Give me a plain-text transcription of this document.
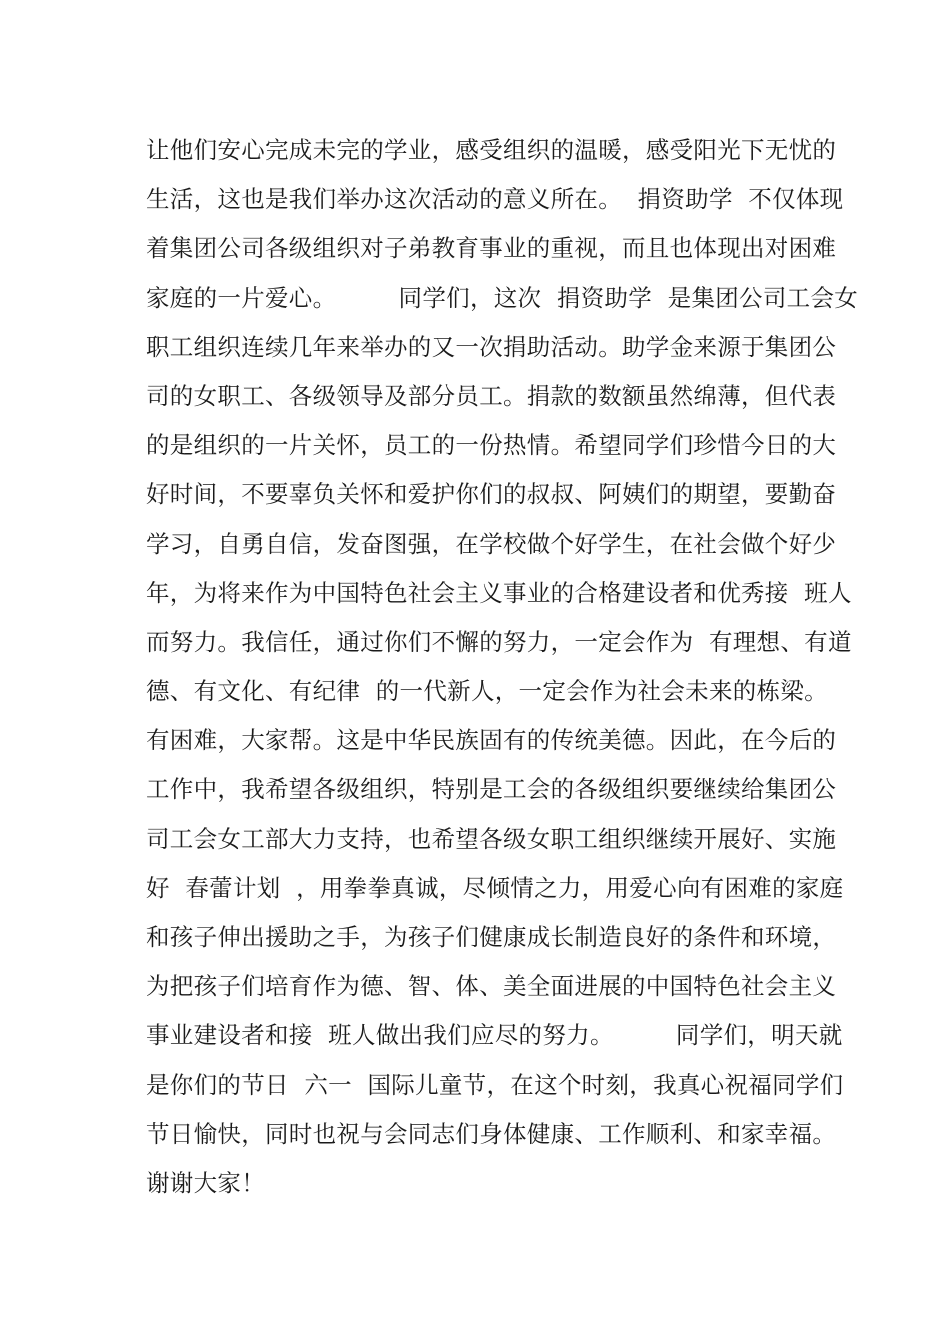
让他们安心完成未完的学业，感受组织的温暖，感受阳光下无忧的
生活，这也是我们举办这次活动的意义所在。  捐资助学  不仅体现
着集团公司各级组织对子弟教育事业的重视，而且也体现出对困难
家庭的一片爱心。        同学们，这次  捐资助学  是集团公司工会女
职工组织连续几年来举办的又一次捐助活动。助学金来源于集团公
司的女职工、各级领导及部分员工。捐款的数额虽然绵薄，但代表
的是组织的一片关怀，员工的一份热情。希望同学们珍惜今日的大
好时间，不要辜负关怀和爱护你们的叔叔、阿姨们的期望，要勤奋
学习，自勇自信，发奋图强，在学校做个好学生，在社会做个好少
年，为将来作为中国特色社会主义事业的合格建设者和优秀接  班人
而努力。我信任，通过你们不懈的努力，一定会作为  有理想、有道
德、有文化、有纪律  的一代新人，一定会作为社会未来的栋梁。
有困难，大家帮。这是中华民族固有的传统美德。因此，在今后的
工作中，我希望各级组织，特别是工会的各级组织要继续给集团公
司工会女工部大力支持，也希望各级女职工组织继续开展好、实施
好  春蕾计划  ，用拳拳真诚，尽倾情之力，用爱心向有困难的家庭
和孩子伸出援助之手，为孩子们健康成长制造良好的条件和环境，
为把孩子们培育作为德、智、体、美全面进展的中国特色社会主义
事业建设者和接  班人做出我们应尽的努力。        同学们，明天就
是你们的节日  六一  国际儿童节，在这个时刻，我真心祝福同学们
节日愉快，同时也祝与会同志们身体健康、工作顺利、和家幸福。
谢谢大家！
